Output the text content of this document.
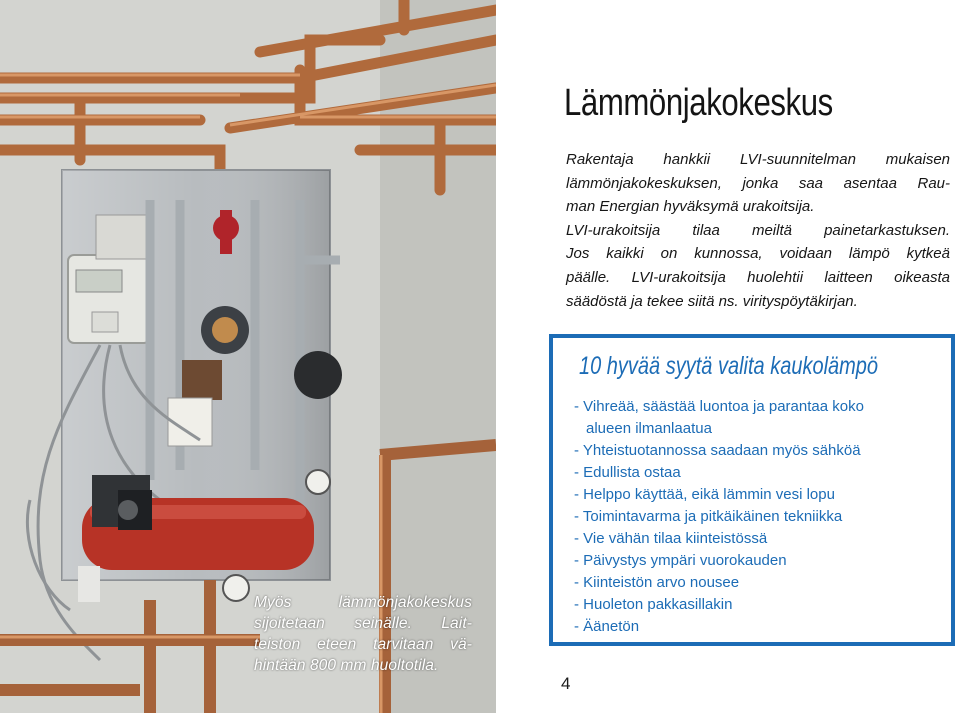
Myös lämmönjakokeskus
sijoitetaan seinälle. Lait-
teiston eteen tarvitaan vä-
hintään 800 mm huoltotila.
Lämmönjakokeskus
Rakentaja hankkii LVI-suunnitelman mukaisen
lämmönjakokeskuksen, jonka saa asentaa Rau-
man Energian hyväksymä urakoitsija.
LVI-urakoitsija tilaa meiltä painetarkastuksen.
Jos kaikki on kunnossa, voidaan lämpö kytkeä
päälle. LVI-urakoitsija huolehtii laitteen oikeasta
säädöstä ja tekee siitä ns. virityspöytäkirjan.
10 hyvää syytä valita kaukolämpö
- Vihreää, säästää luontoa ja parantaa koko
alueen ilmanlaatua
- Yhteistuotannossa saadaan myös sähköä
- Edullista ostaa
- Helppo käyttää, eikä lämmin vesi lopu
- Toimintavarma ja pitkäikäinen tekniikka
- Vie vähän tilaa kiinteistössä
- Päivystys ympäri vuorokauden
- Kiinteistön arvo nousee
- Huoleton pakkasillakin
- Äänetön
4
